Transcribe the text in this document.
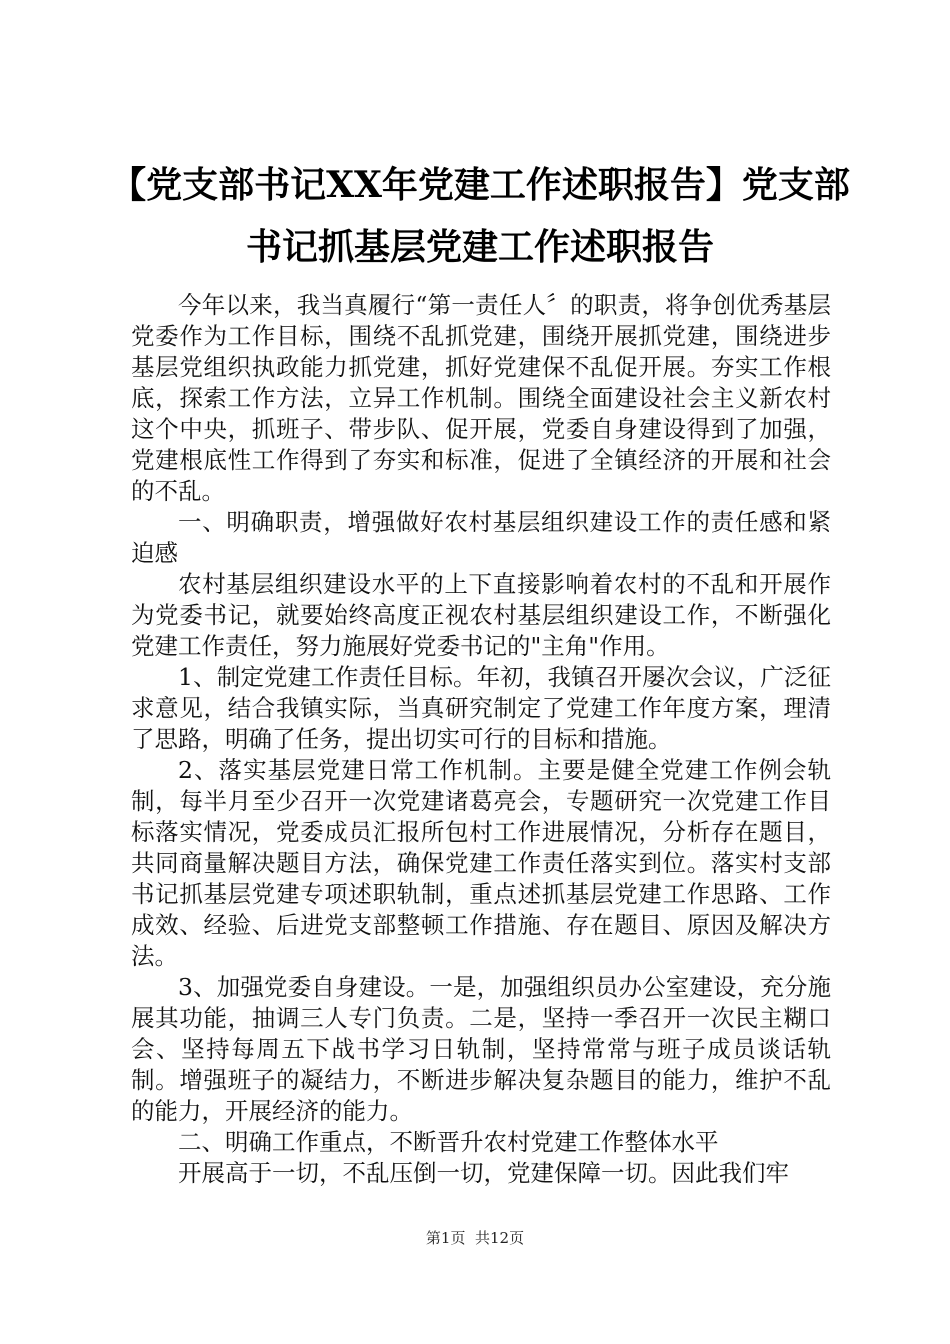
【党支部书记XX年党建工作述职报告】党支部书记抓基层党建工作述职报告

今年以来，我当真履行“第一责任人〞的职责，将争创优秀基层党委作为工作目标，围绕不乱抓党建，围绕开展抓党建，围绕进步基层党组织执政能力抓党建，抓好党建保不乱促开展。夯实工作根底，探索工作方法，立异工作机制。围绕全面建设社会主义新农村这个中央，抓班子、带步队、促开展，党委自身建设得到了加强，党建根底性工作得到了夯实和标准，促进了全镇经济的开展和社会的不乱。

一、明确职责，增强做好农村基层组织建设工作的责任感和紧迫感

农村基层组织建设水平的上下直接影响着农村的不乱和开展作为党委书记，就要始终高度正视农村基层组织建设工作，不断强化党建工作责任，努力施展好党委书记的"主角"作用。

1、制定党建工作责任目标。年初，我镇召开屡次会议，广泛征求意见，结合我镇实际，当真研究制定了党建工作年度方案，理清了思路，明确了任务，提出切实可行的目标和措施。

2、落实基层党建日常工作机制。主要是健全党建工作例会轨制，每半月至少召开一次党建诸葛亮会，专题研究一次党建工作目标落实情况，党委成员汇报所包村工作进展情况，分析存在题目，共同商量解决题目方法，确保党建工作责任落实到位。落实村支部书记抓基层党建专项述职轨制，重点述抓基层党建工作思路、工作成效、经验、后进党支部整顿工作措施、存在题目、原因及解决方法。

3、加强党委自身建设。一是，加强组织员办公室建设，充分施展其功能，抽调三人专门负责。二是，坚持一季召开一次民主糊口会、坚持每周五下战书学习日轨制，坚持常常与班子成员谈话轨制。增强班子的凝结力，不断进步解决复杂题目的能力，维护不乱的能力，开展经济的能力。

二、明确工作重点，不断晋升农村党建工作整体水平

开展高于一切，不乱压倒一切，党建保障一切。因此我们牢

第1页 共12页
